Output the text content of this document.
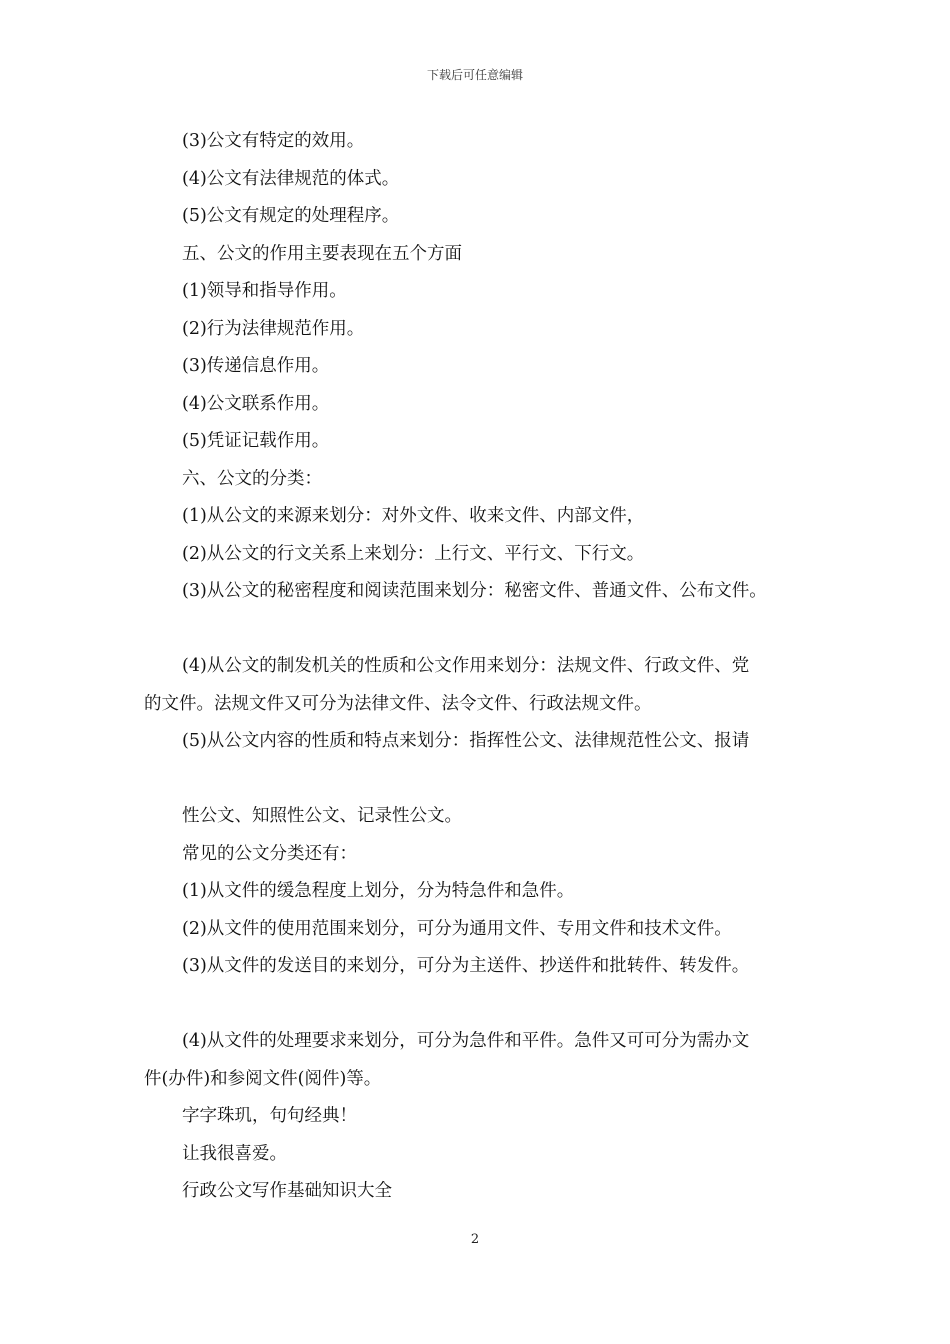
下载后可任意编辑
(3)公文有特定的效用。
(4)公文有法律规范的体式。
(5)公文有规定的处理程序。
五、公文的作用主要表现在五个方面
(1)领导和指导作用。
(2)行为法律规范作用。
(3)传递信息作用。
(4)公文联系作用。
(5)凭证记载作用。
六、公文的分类：
(1)从公文的来源来划分：对外文件、收来文件、内部文件，
(2)从公文的行文关系上来划分：上行文、平行文、下行文。
(3)从公文的秘密程度和阅读范围来划分：秘密文件、普通文件、公布文件。
(4)从公文的制发机关的性质和公文作用来划分：法规文件、行政文件、党
的文件。法规文件又可分为法律文件、法令文件、行政法规文件。
(5)从公文内容的性质和特点来划分：指挥性公文、法律规范性公文、报请
性公文、知照性公文、记录性公文。
常见的公文分类还有：
(1)从文件的缓急程度上划分，分为特急件和急件。
(2)从文件的使用范围来划分，可分为通用文件、专用文件和技术文件。
(3)从文件的发送目的来划分，可分为主送件、抄送件和批转件、转发件。
(4)从文件的处理要求来划分，可分为急件和平件。急件又可可分为需办文
件(办件)和参阅文件(阅件)等。
字字珠玑，句句经典！
让我很喜爱。
行政公文写作基础知识大全
2
